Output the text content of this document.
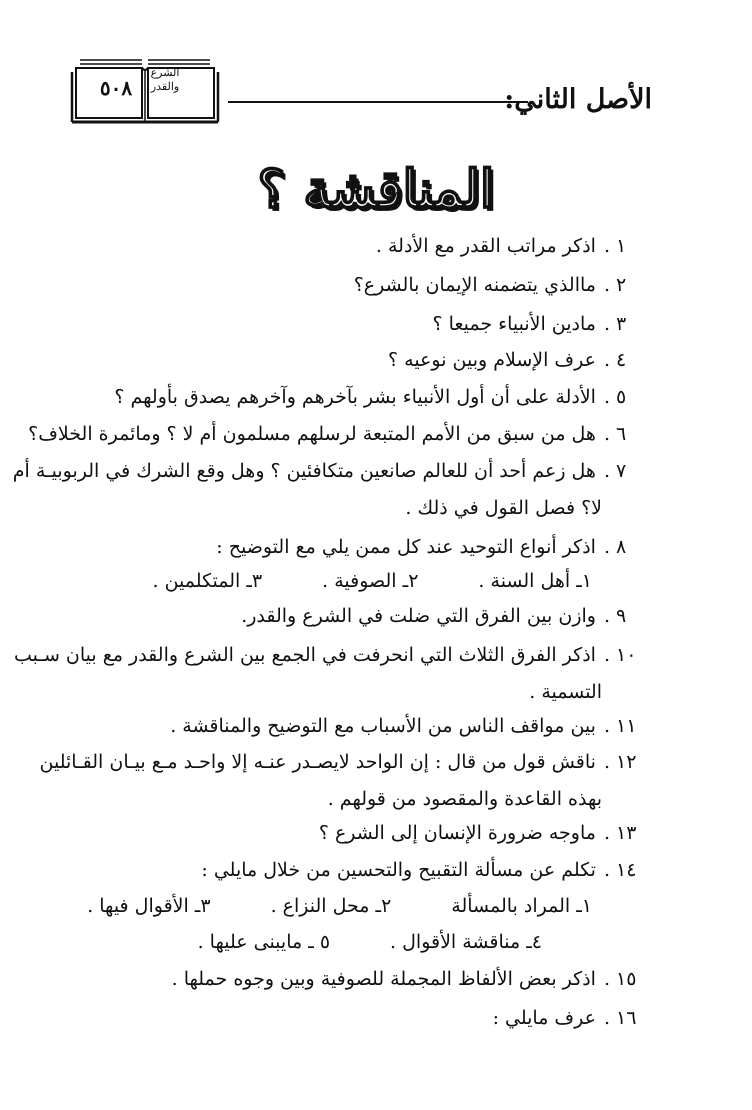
الأصل الثاني:
الشرع
والقدر
٥٠٨
المناقشة ؟
١.اذكر مراتب القدر مع الأدلة .
٢.ماالذي يتضمنه الإيمان بالشرع؟
٣.مادين الأنبياء جميعا ؟
٤.عرف الإسلام وبين نوعيه ؟
٥.الأدلة على أن أول الأنبياء بشر بآخرهم وآخرهم يصدق بأولهم ؟
٦.هل من سبق من الأمم المتبعة لرسلهم مسلمون أم لا ؟ ومائمرة الخلاف؟
٧.هل زعم أحد أن للعالم صانعين متكافئين ؟ وهل وقع الشرك في الربوبيـة أم
لا؟ فصل القول في ذلك .
٨.اذكر أنواع التوحيد عند كل ممن يلي مع التوضيح :
١ـ أهل السنة .
٢ـ الصوفية .
٣ـ المتكلمين .
٩.وازن بين الفرق التي ضلت في الشرع والقدر.
١٠.اذكر الفرق الثلاث التي انحرفت في الجمع بين الشرع والقدر مع بيان سـبب
التسمية .
١١.بين مواقف الناس من الأسباب مع التوضيح والمناقشة .
١٢.ناقش قول من قال : إن الواحد لايصـدر عنـه إلا واحـد مـع بيـان القـائلين
بهذه القاعدة والمقصود من قولهم .
١٣.ماوجه ضرورة الإنسان إلى الشرع ؟
١٤.تكلم عن مسألة التقبيح والتحسين من خلال مايلي :
١ـ المراد بالمسألة
٢ـ محل النزاع .
٣ـ الأقوال فيها .
٤ـ مناقشة الأقوال .
٥ ـ مايبنى عليها .
١٥.اذكر بعض الألفاظ المجملة للصوفية وبين وجوه حملها .
١٦.عرف مايلي :
